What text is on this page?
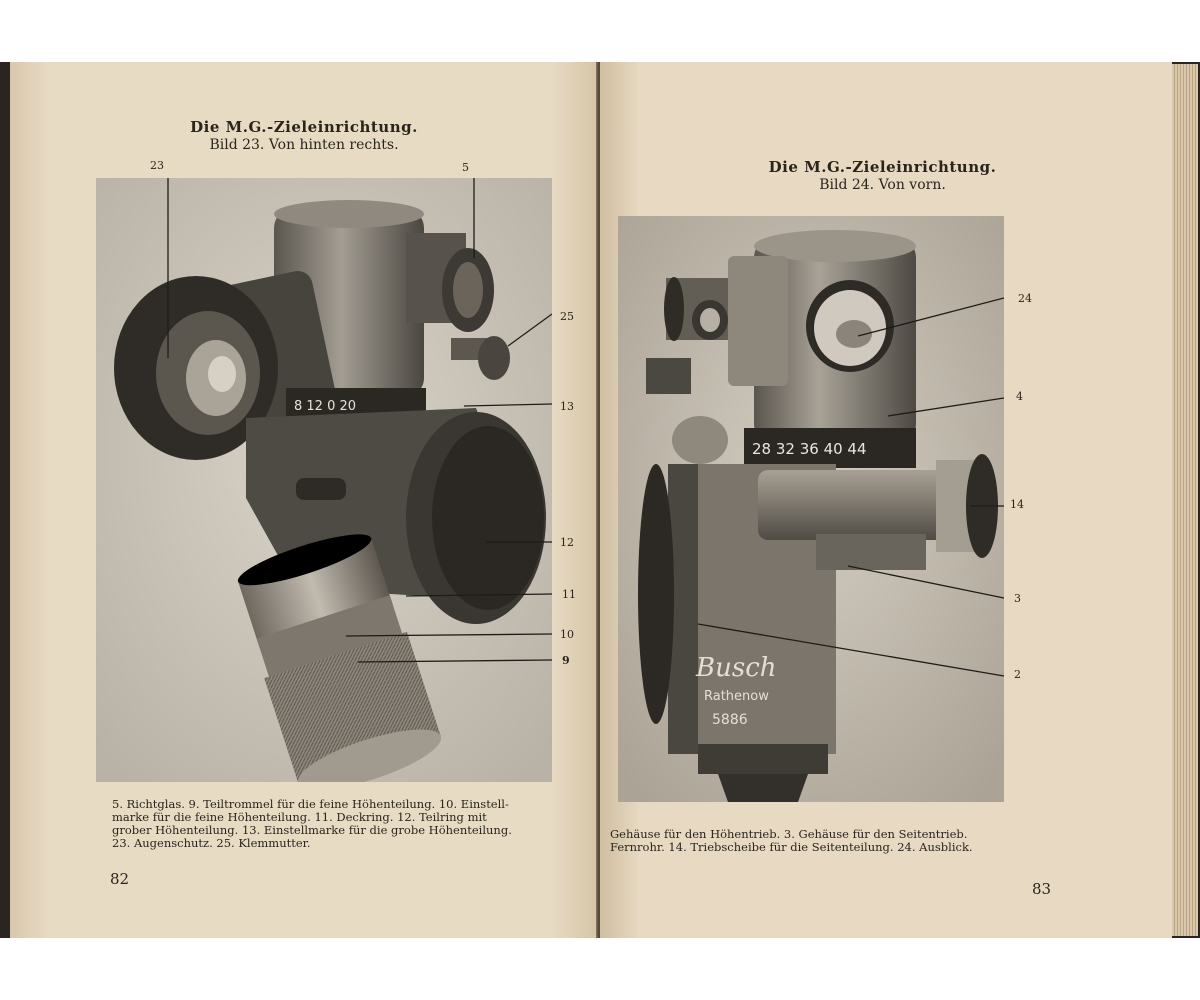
Die M.G.-Zieleinrichtung.
Bild 23. Von hinten rechts.
23	5
8 12 0 20
25
13
12
11
10
9
5. Richtglas. 9. Teiltrommel für die feine Höhenteilung. 10. Einstell-
marke für die feine Höhenteilung. 11. Deckring. 12. Teilring mit
grober Höhenteilung. 13. Einstellmarke für die grobe Höhenteilung.
23. Augenschutz. 25. Klemmutter.
82
Die M.G.-Zieleinrichtung.
Bild 24. Von vorn.
28 32 36 40 44
Busch
Rathenow
5886
24
4
14
3
2
Gehäuse für den Höhentrieb. 3. Gehäuse für den Seitentrieb.
Fernrohr. 14. Triebscheibe für die Seitenteilung. 24. Ausblick.
83
